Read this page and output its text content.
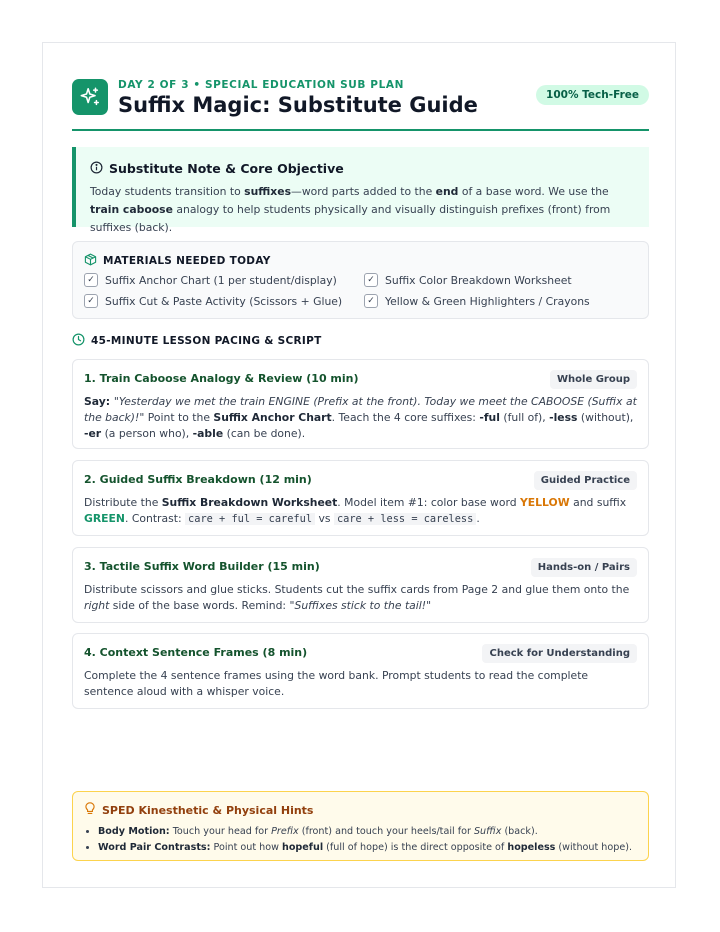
DAY 2 OF 3 • SPECIAL EDUCATION SUB PLAN
Suffix Magic: Substitute Guide	100% Tech-Free
Substitute Note & Core Objective
Today students transition to suffixes—word parts added to the end of a base word. We use the train caboose analogy to help students physically and visually distinguish prefixes (front) from suffixes (back).
MATERIALS NEEDED TODAY
✓ Suffix Anchor Chart (1 per student/display)	✓ Suffix Color Breakdown Worksheet
✓ Suffix Cut & Paste Activity (Scissors + Glue)	✓ Yellow & Green Highlighters / Crayons
45-MINUTE LESSON PACING & SCRIPT
1. Train Caboose Analogy & Review (10 min)	Whole Group
Say: "Yesterday we met the train ENGINE (Prefix at the front). Today we meet the CABOOSE (Suffix at the back)!" Point to the Suffix Anchor Chart. Teach the 4 core suffixes: -ful (full of), -less (without), -er (a person who), -able (can be done).
2. Guided Suffix Breakdown (12 min)	Guided Practice
Distribute the Suffix Breakdown Worksheet. Model item #1: color base word YELLOW and suffix GREEN. Contrast: care + ful = careful vs care + less = careless .
3. Tactile Suffix Word Builder (15 min)	Hands-on / Pairs
Distribute scissors and glue sticks. Students cut the suffix cards from Page 2 and glue them onto the right side of the base words. Remind: "Suffixes stick to the tail!"
4. Context Sentence Frames (8 min)	Check for Understanding
Complete the 4 sentence frames using the word bank. Prompt students to read the complete sentence aloud with a whisper voice.
SPED Kinesthetic & Physical Hints
• Body Motion: Touch your head for Prefix (front) and touch your heels/tail for Suffix (back).
• Word Pair Contrasts: Point out how hopeful (full of hope) is the direct opposite of hopeless (without hope).
